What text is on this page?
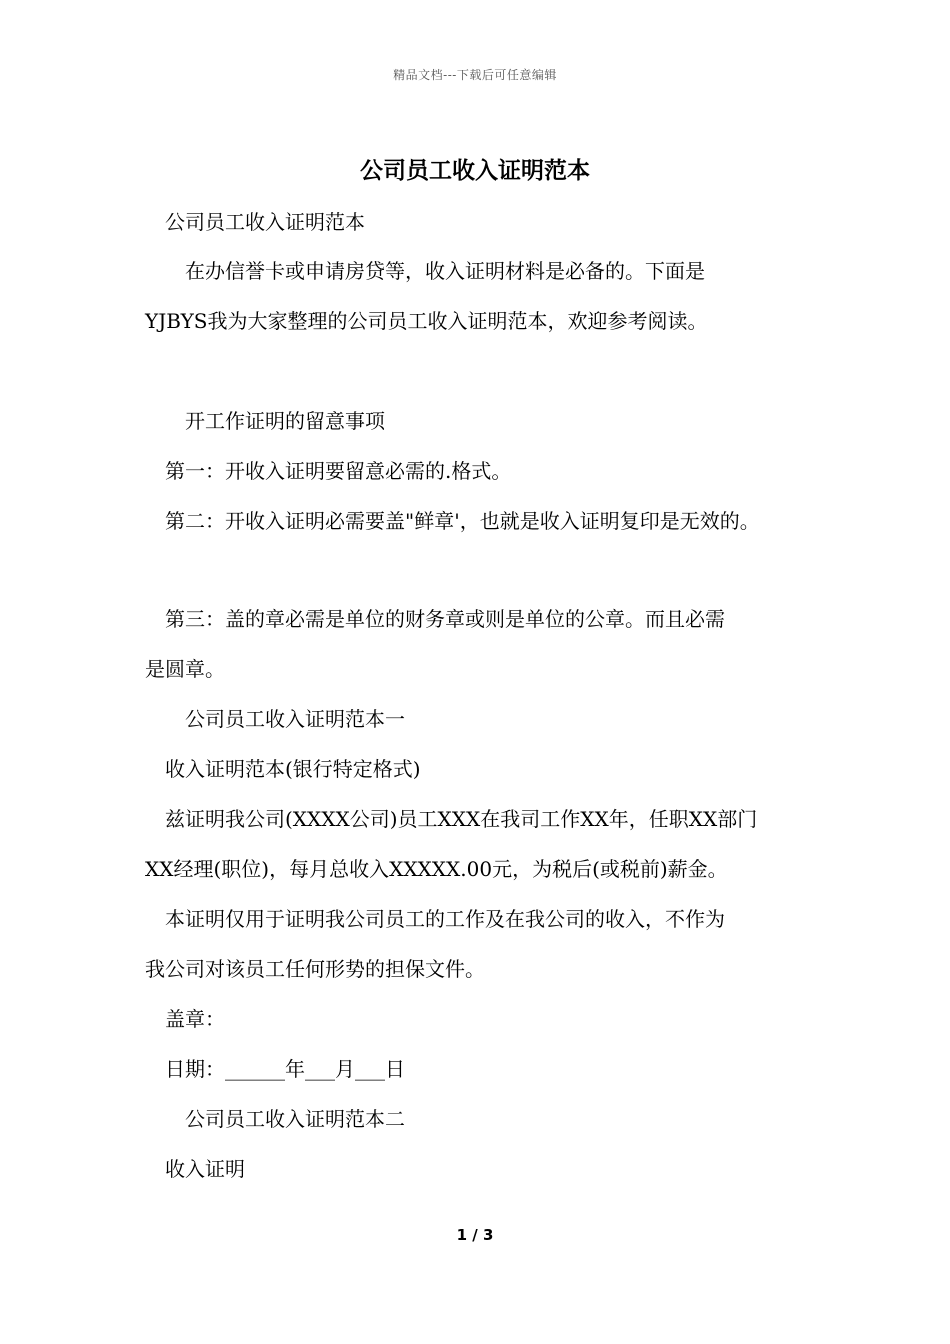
精品文档---下载后可任意编辑
公司员工收入证明范本
　公司员工收入证明范本
　　在办信誉卡或申请房贷等，收入证明材料是必备的。下面是
YJBYS我为大家整理的公司员工收入证明范本，欢迎参考阅读。
　　开工作证明的留意事项
　第一：开收入证明要留意必需的.格式。
　第二：开收入证明必需要盖"鲜章'，也就是收入证明复印是无效的。
　第三：盖的章必需是单位的财务章或则是单位的公章。而且必需
是圆章。
　　公司员工收入证明范本一
　收入证明范本(银行特定格式)
　兹证明我公司(XXXX公司)员工XXX在我司工作XX年，任职XX部门
XX经理(职位)，每月总收入XXXXX.00元，为税后(或税前)薪金。
　本证明仅用于证明我公司员工的工作及在我公司的收入，不作为
我公司对该员工任何形势的担保文件。
　盖章：
　日期：______年___月___日
　　公司员工收入证明范本二
　收入证明
1 / 3
